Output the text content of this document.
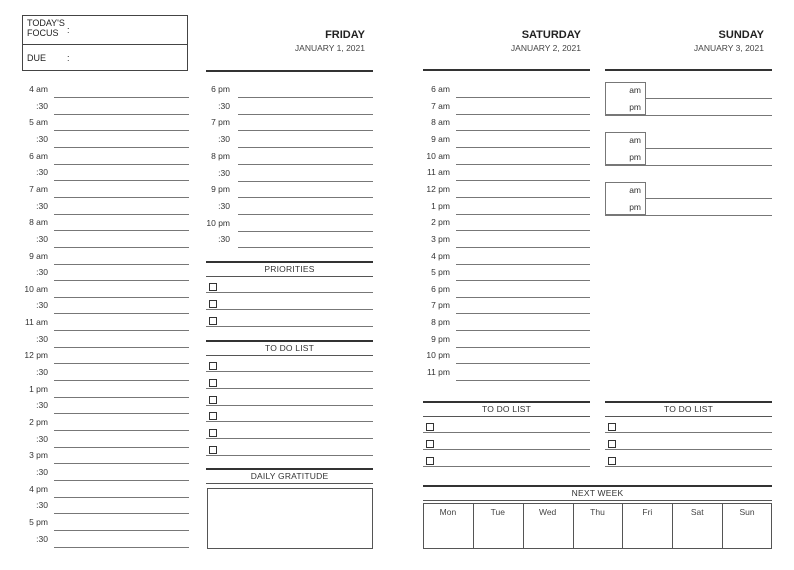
TODAY'S
FOCUS :
DUE :
4 am
:30
5 am
:30
6 am
:30
7 am
:30
8 am
:30
9 am
:30
10 am
:30
11 am
:30
12 pm
:30
1 pm
:30
2 pm
:30
3 pm
:30
4 pm
:30
5 pm
:30
FRIDAY
JANUARY 1, 2021
6 pm
:30
7 pm
:30
8 pm
:30
9 pm
:30
10 pm
:30
PRIORITIES
TO DO LIST
DAILY GRATITUDE
SATURDAY
JANUARY 2, 2021
6 am
7 am
8 am
9 am
10 am
11 am
12 pm
1 pm
2 pm
3 pm
4 pm
5 pm
6 pm
7 pm
8 pm
9 pm
10 pm
11 pm
TO DO LIST
SUNDAY
JANUARY 3, 2021
am
pm
am
pm
am
pm
TO DO LIST
NEXT WEEK
Mon	Tue	Wed	Thu	Fri	Sat	Sun
